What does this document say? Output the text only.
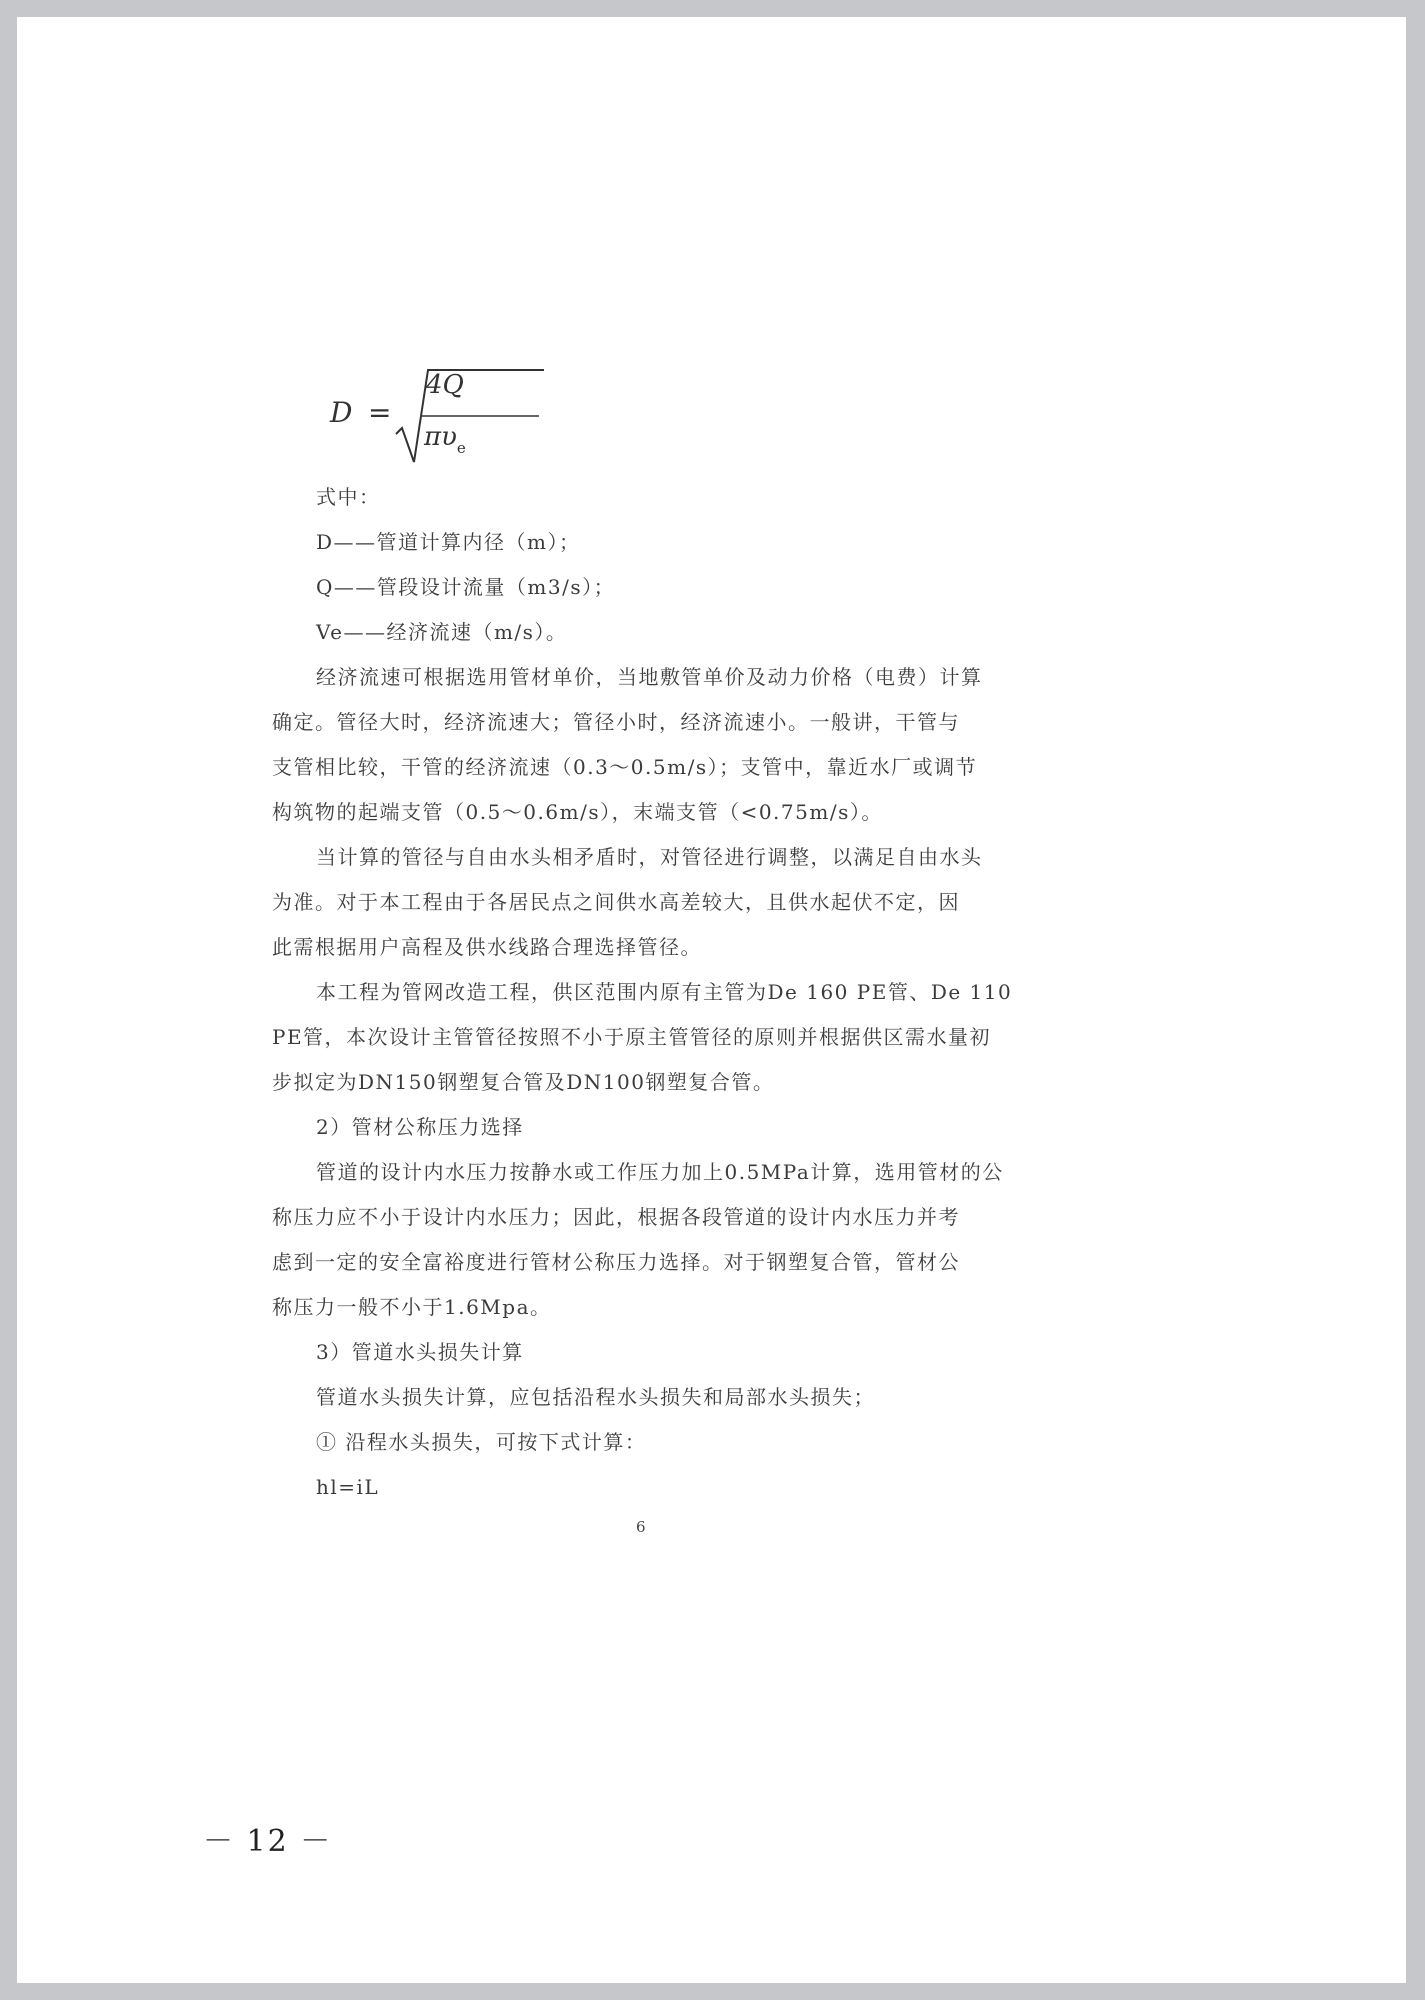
D =
4Q
$\pi\upsilon_e$
式中：
D——管道计算内径（m）；
Q——管段设计流量（m3/s）；
Ve——经济流速（m/s）。
经济流速可根据选用管材单价，当地敷管单价及动力价格（电费）计算
确定。管径大时，经济流速大；管径小时，经济流速小。一般讲，干管与
支管相比较，干管的经济流速（0.3～0.5m/s）；支管中，靠近水厂或调节
构筑物的起端支管（0.5～0.6m/s），末端支管（<0.75m/s）。
当计算的管径与自由水头相矛盾时，对管径进行调整，以满足自由水头
为准。对于本工程由于各居民点之间供水高差较大，且供水起伏不定，因
此需根据用户高程及供水线路合理选择管径。
本工程为管网改造工程，供区范围内原有主管为De 160 PE管、De 110
PE管，本次设计主管管径按照不小于原主管管径的原则并根据供区需水量初
步拟定为DN150钢塑复合管及DN100钢塑复合管。
2）管材公称压力选择
管道的设计内水压力按静水或工作压力加上0.5MPa计算，选用管材的公
称压力应不小于设计内水压力；因此，根据各段管道的设计内水压力并考
虑到一定的安全富裕度进行管材公称压力选择。对于钢塑复合管，管材公
称压力一般不小于1.6Mpa。
3）管道水头损失计算
管道水头损失计算，应包括沿程水头损失和局部水头损失；
① 沿程水头损失，可按下式计算：
hl=iL
6
－ 12 －
